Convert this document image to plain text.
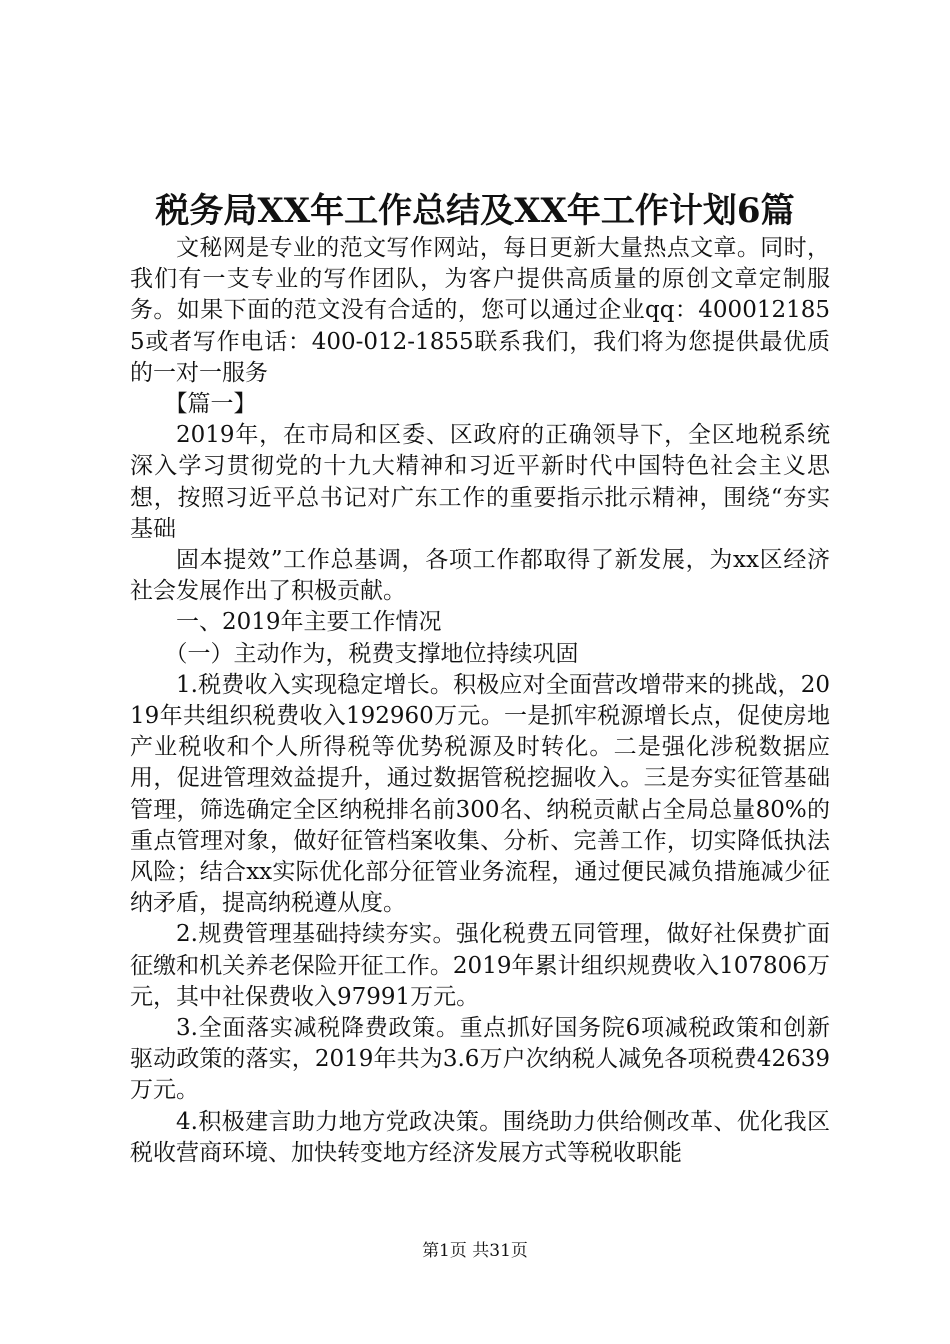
税务局XX年工作总结及XX年工作计划6篇

文秘网是专业的范文写作网站，每日更新大量热点文章。同时，我们有一支专业的写作团队，为客户提供高质量的原创文章定制服务。如果下面的范文没有合适的，您可以通过企业qq：4000121855或者写作电话：400-012-1855联系我们，我们将为您提供最优质的一对一服务

【篇一】

2019年，在市局和区委、区政府的正确领导下，全区地税系统深入学习贯彻党的十九大精神和习近平新时代中国特色社会主义思想，按照习近平总书记对广东工作的重要指示批示精神，围绕“夯实基础

固本提效”工作总基调，各项工作都取得了新发展，为xx区经济社会发展作出了积极贡献。

一、2019年主要工作情况

（一）主动作为，税费支撑地位持续巩固

1.税费收入实现稳定增长。积极应对全面营改增带来的挑战，2019年共组织税费收入192960万元。一是抓牢税源增长点，促使房地产业税收和个人所得税等优势税源及时转化。二是强化涉税数据应用，促进管理效益提升，通过数据管税挖掘收入。三是夯实征管基础管理，筛选确定全区纳税排名前300名、纳税贡献占全局总量80%的重点管理对象，做好征管档案收集、分析、完善工作，切实降低执法风险；结合xx实际优化部分征管业务流程，通过便民减负措施减少征纳矛盾，提高纳税遵从度。

2.规费管理基础持续夯实。强化税费五同管理，做好社保费扩面征缴和机关养老保险开征工作。2019年累计组织规费收入107806万元，其中社保费收入97991万元。

3.全面落实减税降费政策。重点抓好国务院6项减税政策和创新驱动政策的落实，2019年共为3.6万户次纳税人减免各项税费42639万元。

4.积极建言助力地方党政决策。围绕助力供给侧改革、优化我区税收营商环境、加快转变地方经济发展方式等税收职能

第1页 共31页
